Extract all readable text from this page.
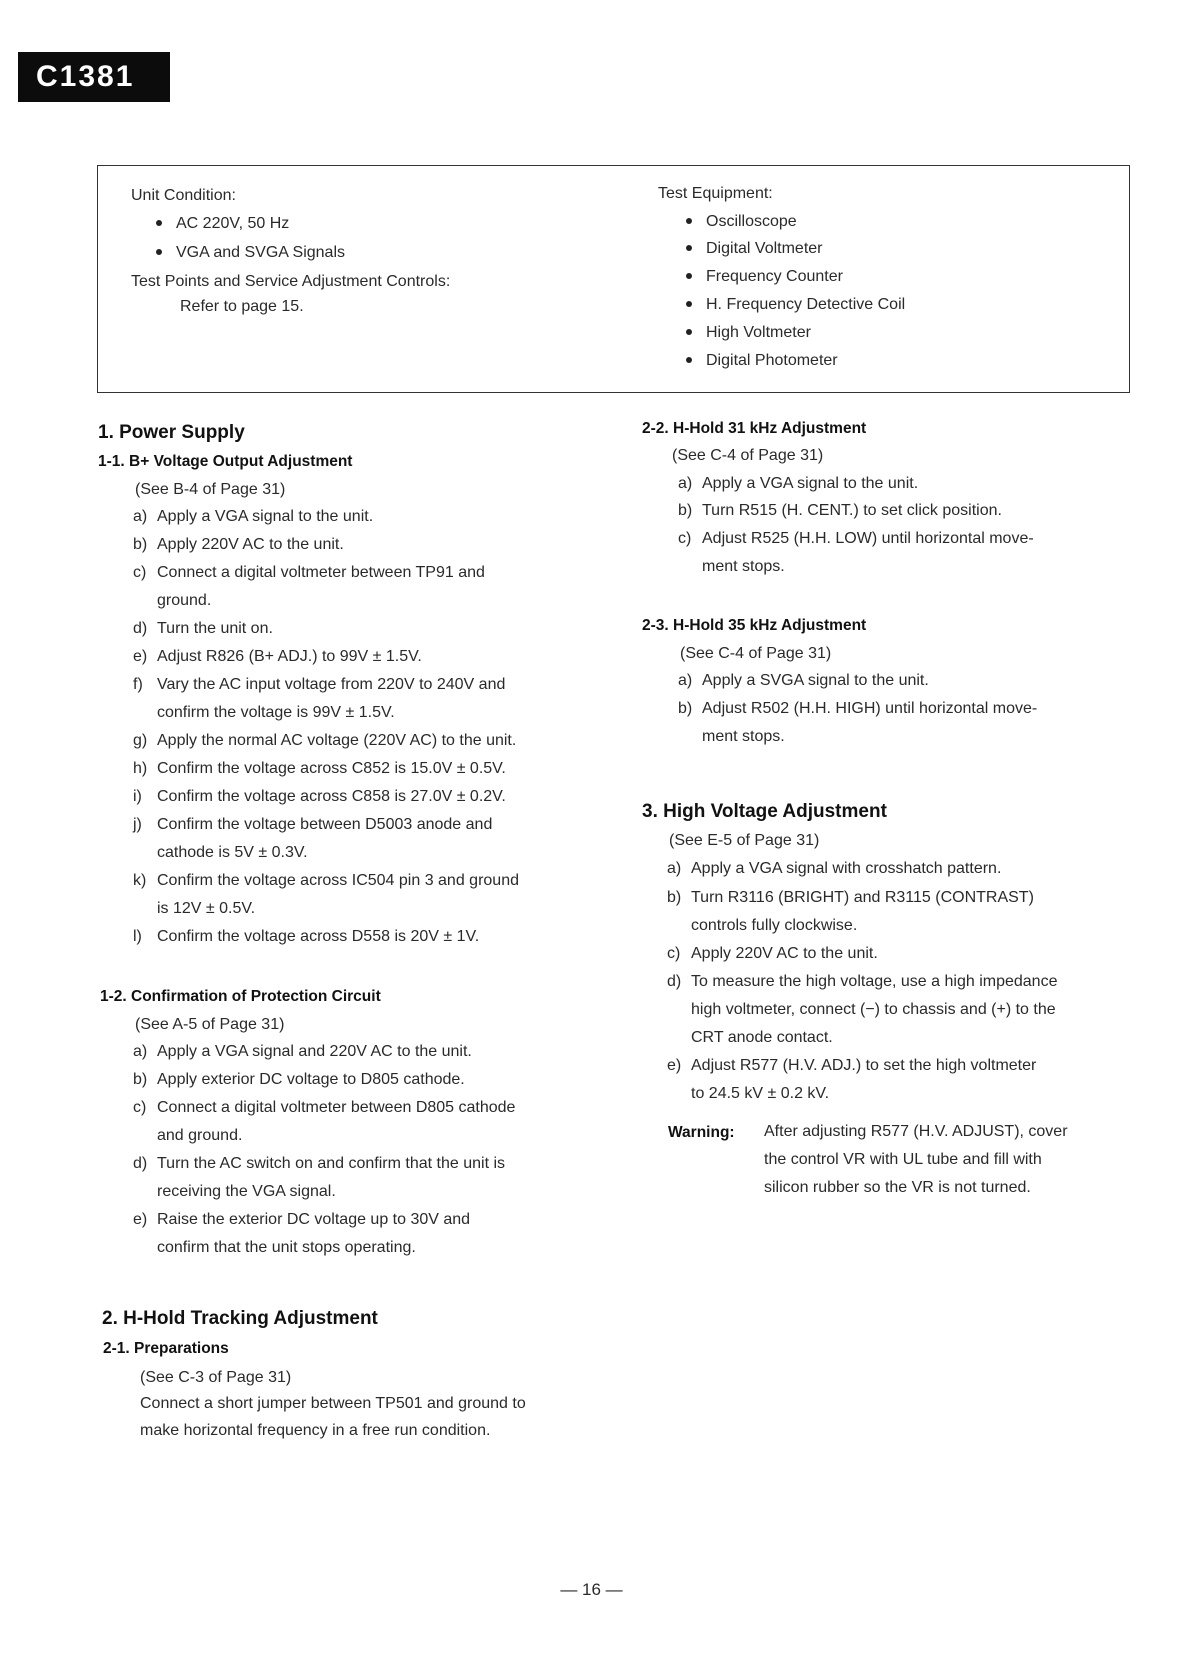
C1381
Unit Condition:
AC 220V, 50 Hz
VGA and SVGA Signals
Test Points and Service Adjustment Controls:
Refer to page 15.
Test Equipment:
Oscilloscope
Digital Voltmeter
Frequency Counter
H. Frequency Detective Coil
High Voltmeter
Digital Photometer
1. Power Supply
1-1. B+ Voltage Output Adjustment
(See B-4 of Page 31)
a) Apply a VGA signal to the unit.
b) Apply 220V AC to the unit.
c) Connect a digital voltmeter between TP91 and
ground.
d) Turn the unit on.
e) Adjust R826 (B+ ADJ.) to 99V ± 1.5V.
f) Vary the AC input voltage from 220V to 240V and
confirm the voltage is 99V ± 1.5V.
g) Apply the normal AC voltage (220V AC) to the unit.
h) Confirm the voltage across C852 is 15.0V ± 0.5V.
i) Confirm the voltage across C858 is 27.0V ± 0.2V.
j) Confirm the voltage between D5003 anode and
cathode is 5V ± 0.3V.
k) Confirm the voltage across IC504 pin 3 and ground
is 12V ± 0.5V.
l) Confirm the voltage across D558 is 20V ± 1V.
1-2. Confirmation of Protection Circuit
(See A-5 of Page 31)
a) Apply a VGA signal and 220V AC to the unit.
b) Apply exterior DC voltage to D805 cathode.
c) Connect a digital voltmeter between D805 cathode
and ground.
d) Turn the AC switch on and confirm that the unit is
receiving the VGA signal.
e) Raise the exterior DC voltage up to 30V and
confirm that the unit stops operating.
2. H-Hold Tracking Adjustment
2-1. Preparations
(See C-3 of Page 31)
Connect a short jumper between TP501 and ground to
make horizontal frequency in a free run condition.
2-2. H-Hold 31 kHz Adjustment
(See C-4 of Page 31)
a) Apply a VGA signal to the unit.
b) Turn R515 (H. CENT.) to set click position.
c) Adjust R525 (H.H. LOW) until horizontal move-
ment stops.
2-3. H-Hold 35 kHz Adjustment
(See C-4 of Page 31)
a) Apply a SVGA signal to the unit.
b) Adjust R502 (H.H. HIGH) until horizontal move-
ment stops.
3. High Voltage Adjustment
(See E-5 of Page 31)
a) Apply a VGA signal with crosshatch pattern.
b) Turn R3116 (BRIGHT) and R3115 (CONTRAST)
controls fully clockwise.
c) Apply 220V AC to the unit.
d) To measure the high voltage, use a high impedance
high voltmeter, connect (−) to chassis and (+) to the
CRT anode contact.
e) Adjust R577 (H.V. ADJ.) to set the high voltmeter
to 24.5 kV ± 0.2 kV.
Warning: After adjusting R577 (H.V. ADJUST), cover
the control VR with UL tube and fill with
silicon rubber so the VR is not turned.
— 16 —
